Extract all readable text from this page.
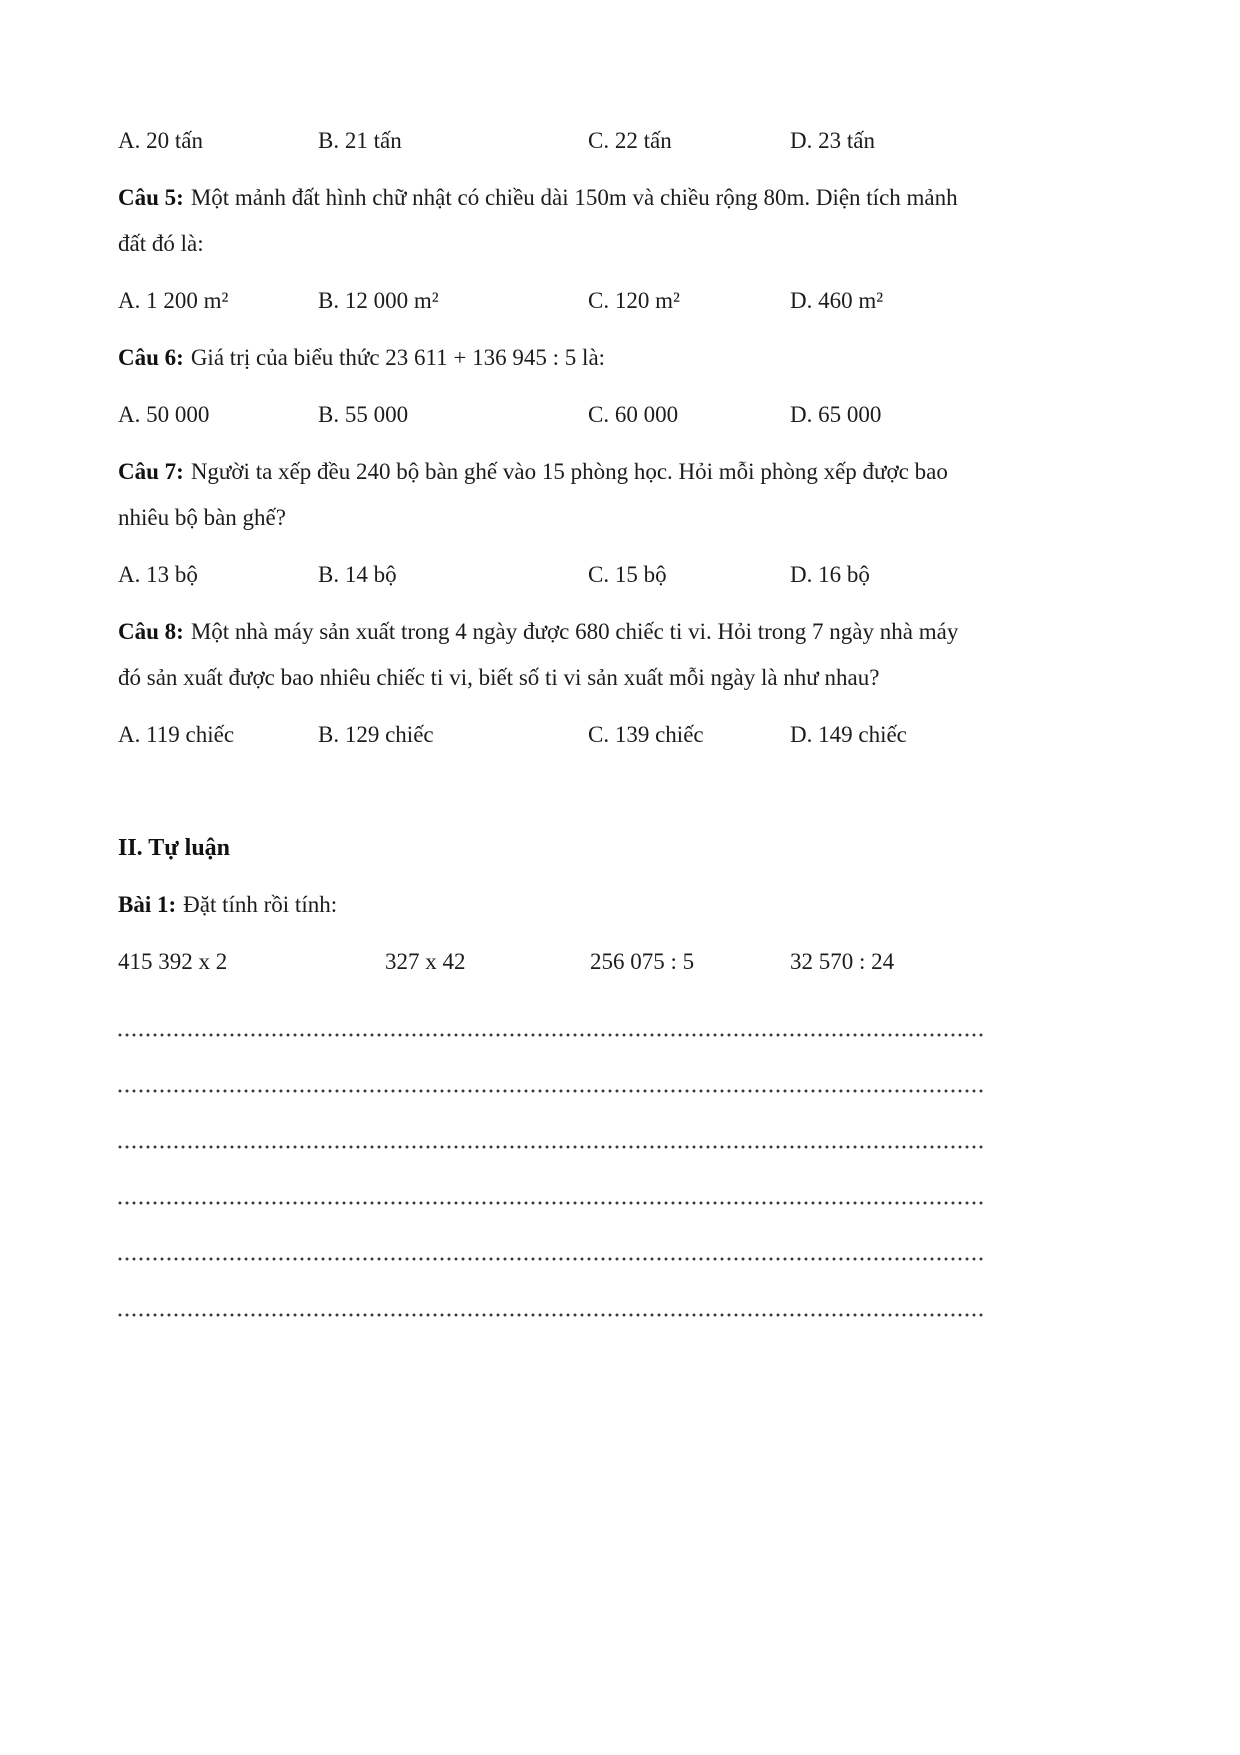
A. 20 tấn	B. 21 tấn	C. 22 tấn	D. 23 tấn

Câu 5: Một mảnh đất hình chữ nhật có chiều dài 150m và chiều rộng 80m. Diện tích mảnh đất đó là:

A. 1 200 m²	B. 12 000 m²	C. 120 m²	D. 460 m²

Câu 6: Giá trị của biểu thức 23 611 + 136 945 : 5 là:

A. 50 000	B. 55 000	C. 60 000	D. 65 000

Câu 7: Người ta xếp đều 240 bộ bàn ghế vào 15 phòng học. Hỏi mỗi phòng xếp được bao nhiêu bộ bàn ghế?

A. 13 bộ	B. 14 bộ	C. 15 bộ	D. 16 bộ

Câu 8: Một nhà máy sản xuất trong 4 ngày được 680 chiếc ti vi. Hỏi trong 7 ngày nhà máy đó sản xuất được bao nhiêu chiếc ti vi, biết số ti vi sản xuất mỗi ngày là như nhau?

A. 119 chiếc	B. 129 chiếc	C. 139 chiếc	D. 149 chiếc
II. Tự luận

Bài 1: Đặt tính rồi tính:

415 392 x 2	327 x 42	256 075 : 5	32 570 : 24
